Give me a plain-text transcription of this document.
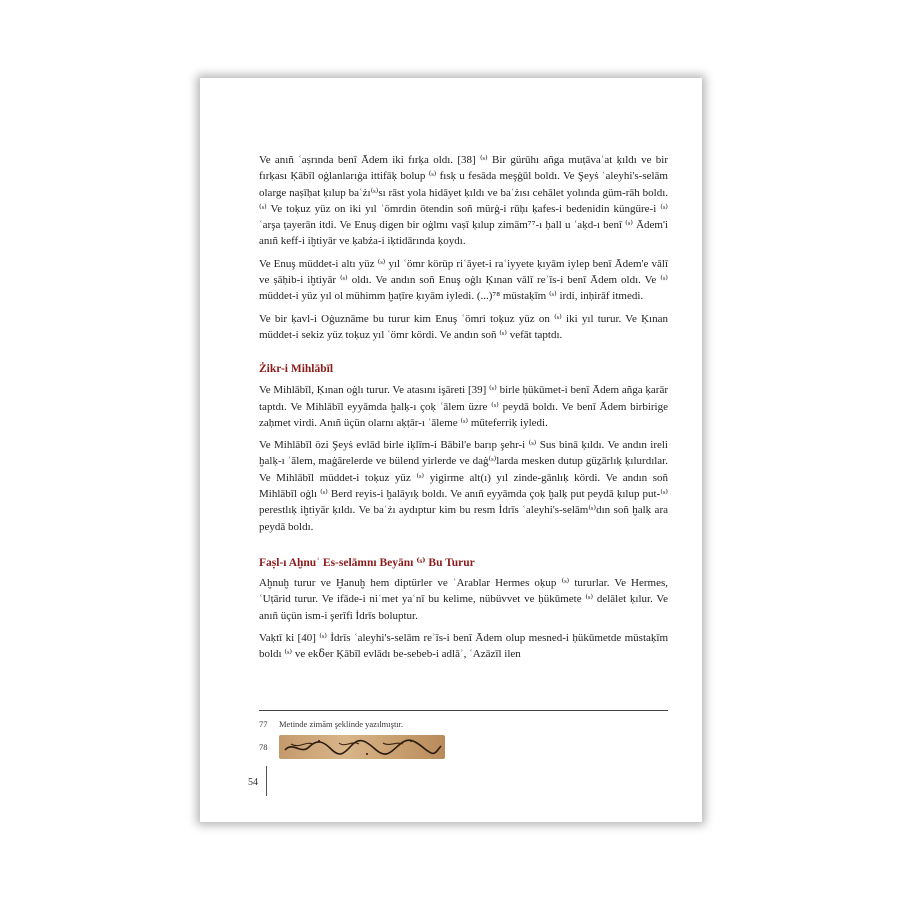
Ve anıñ ʿaṣrında benī Ādem iki fırḳa oldı. [38] ⁽ˢ⁾ Bir gürūhı añga muṭāvaʿat ḳıldı ve bir fırḳası Ḳābīl oġlanlarıġa ittifāḳ bolup ⁽ˢ⁾ fısḳ u fesāda meşġūl boldı. Ve Şeyṡ ʿaleyhi's-selām olarge naṣīḥat ḳılup baʿżı⁽ˢ⁾sı rāst yola hidāyet ḳıldı ve baʿżısı cehālet yolında güm-rāh boldı. ⁽ˢ⁾ Ve toḳuz yüz on iki yıl ʿömrdin ötendin soñ mürġ-i rūḥı ḳafes-i bedenidin küngüre-i ⁽ˢ⁾ ʿarşa ṭayerān itdi. Ve Enuş digen bir oġlmı vaṣī ḳılup zimām⁷⁷-ı ḥall u ʿaḳd-ı benī ⁽ˢ⁾ Ādem'i anıñ keff-i iḫtiyār ve ḳabża-i iḳtidārında ḳoydı.

Ve Enuş müddet-i altı yüz ⁽ˢ⁾ yıl ʿömr körüp riʿāyet-i raʿiyyete ḳıyām iylep benī Ādem'e vālī ve ṣāḥib-i iḫtiyār ⁽ˢ⁾ oldı. Ve andın soñ Enuş oġlı Ḳınan vālī reʾīs-i benī Ādem oldı. Ve ⁽ˢ⁾ müddet-i yüz yıl ol mühimm ḫaṭīre ḳıyām iyledi. (...)⁷⁸ müstaḳīm ⁽ˢ⁾ irdi, inḥirāf itmedi.

Ve bir ḳavl-i Oġuznāme bu turur kim Enuş ʿömri toḳuz yüz on ⁽ˢ⁾ iki yıl turur. Ve Ḳınan müddet-i sekiz yüz toḳuz yıl ʿömr kördi. Ve andın soñ ⁽ˢ⁾ vefāt taptdı.

Żikr-i Mihlābīl

Ve Mihlābīl, Ḳınan oġlı turur. Ve atasını işāreti [39] ⁽ˢ⁾ birle ḥükūmet-i benī Ādem añga ḳarār taptdı. Ve Mihlābīl eyyāmda ḫalḳ-ı çoḳ ʿālem üzre ⁽ˢ⁾ peydā boldı. Ve benī Ādem birbirige zaḥmet virdi. Anıñ üçün olarnı aḳṭār-ı ʿāleme ⁽ˢ⁾ müteferriḳ iyledi.

Ve Mihlābīl özi Şeyṡ evlād birle iḳlīm-i Bābil'e barıp şehr-i ⁽ˢ⁾ Sus binā ḳıldı. Ve andın ireli ḫalḳ-ı ʿālem, maġārelerde ve bülend yirlerde ve daġ⁽ˢ⁾larda mesken dutup güẕārlıḳ ḳılurdılar. Ve Mihlābīl müddet-i toḳuz yüz ⁽ˢ⁾ yigirme alt(ı) yıl zinde-gānlıḳ kördi. Ve andın soñ Mihlābīl oġlı ⁽ˢ⁾ Berd reyis-i ḫalāyıḳ boldı. Ve anıñ eyyāmda çoḳ ḫalḳ put peydā ḳılup put-⁽ˢ⁾perestlıḳ iḫtiyār ḳıldı. Ve baʿżı aydıptur kim bu resm İdrīs ʿaleyhi's-selām⁽ˢ⁾dın soñ ḫalḳ ara peydā boldı.

Faṣl-ı Aḫnuʿ Es-selāmnı Beyānı ⁽ˢ⁾ Bu Turur

Aḫnuḫ turur ve Ḫanuḫ hem diptürler ve ʿArablar Hermes oḳup ⁽ˢ⁾ tururlar. Ve Hermes, ʿUṭārid turur. Ve ifāde-i niʿmet yaʿnī bu kelime, nübüvvet ve ḥükūmete ⁽ˢ⁾ delālet ḳılur. Ve anıñ üçün ism-i şerīfi İdrīs boluptur.

Vaḳtī ki [40] ⁽ˢ⁾ İdrīs ʿaleyhi's-selām reʾīs-i benī Ādem olup mesned-i ḥükūmetde müstaḳīm boldı ⁽ˢ⁾ ve ekẟer Ḳābīl evlādı be-sebeb-i adlāʾ, ʿAzāzīl ilen

77	Metinde zimām şeklinde yazılmıştır.
78
54
